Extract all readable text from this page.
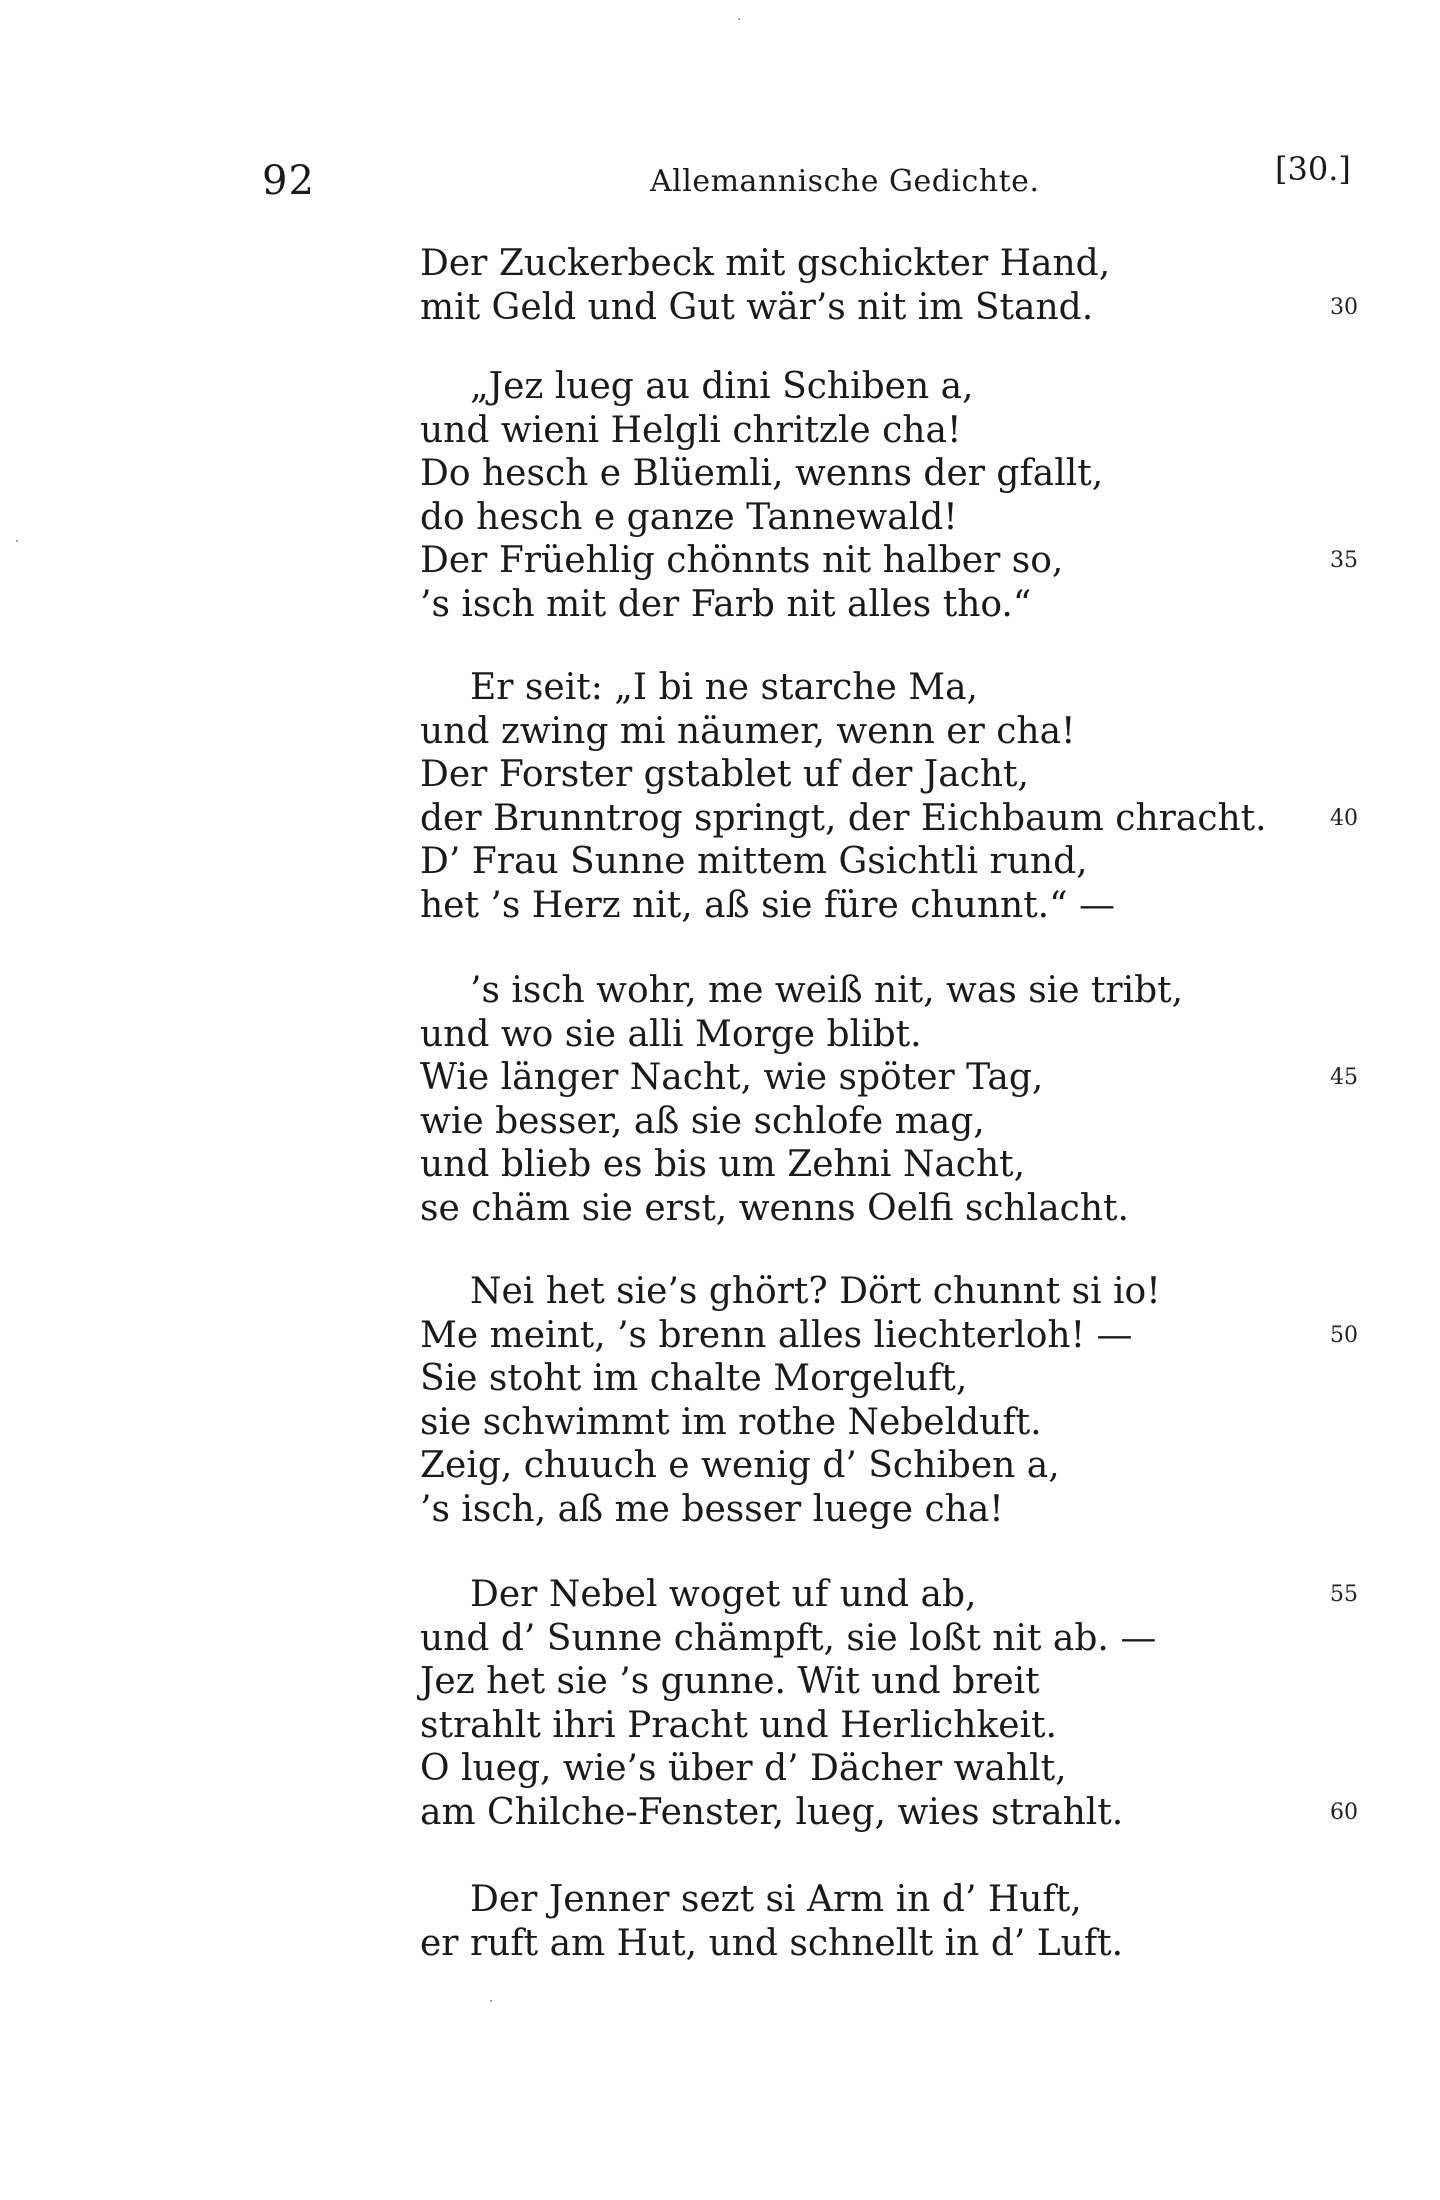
92	Allemannische Gedichte.	[30.]
Der Zuckerbeck mit gschickter Hand,
mit Geld und Gut wär’s nit im Stand.	30
„Jez lueg au dini Schiben a,
und wieni Helgli chritzle cha!
Do hesch e Blüemli, wenns der gfallt,
do hesch e ganze Tannewald!
Der Früehlig chönnts nit halber so,	35
’s isch mit der Farb nit alles tho.“
Er seit: „I bi ne starche Ma,
und zwing mi näumer, wenn er cha!
Der Forster gstablet uf der Jacht,
der Brunntrog springt, der Eichbaum chracht.	40
D’ Frau Sunne mittem Gsichtli rund,
het ’s Herz nit, aß sie füre chunnt.“ —
’s isch wohr, me weiß nit, was sie tribt,
und wo sie alli Morge blibt.
Wie länger Nacht, wie spöter Tag,	45
wie besser, aß sie schlofe mag,
und blieb es bis um Zehni Nacht,
se chäm sie erst, wenns Oelfi schlacht.
Nei het sie’s ghört? Dört chunnt si io!
Me meint, ’s brenn alles liechterloh! —	50
Sie stoht im chalte Morgeluft,
sie schwimmt im rothe Nebelduft.
Zeig, chuuch e wenig d’ Schiben a,
’s isch, aß me besser luege cha!
Der Nebel woget uf und ab,	55
und d’ Sunne chämpft, sie loßt nit ab. —
Jez het sie ’s gunne. Wit und breit
strahlt ihri Pracht und Herlichkeit.
O lueg, wie’s über d’ Dächer wahlt,
am Chilche-Fenster, lueg, wies strahlt.	60
Der Jenner sezt si Arm in d’ Huft,
er ruft am Hut, und schnellt in d’ Luft.
